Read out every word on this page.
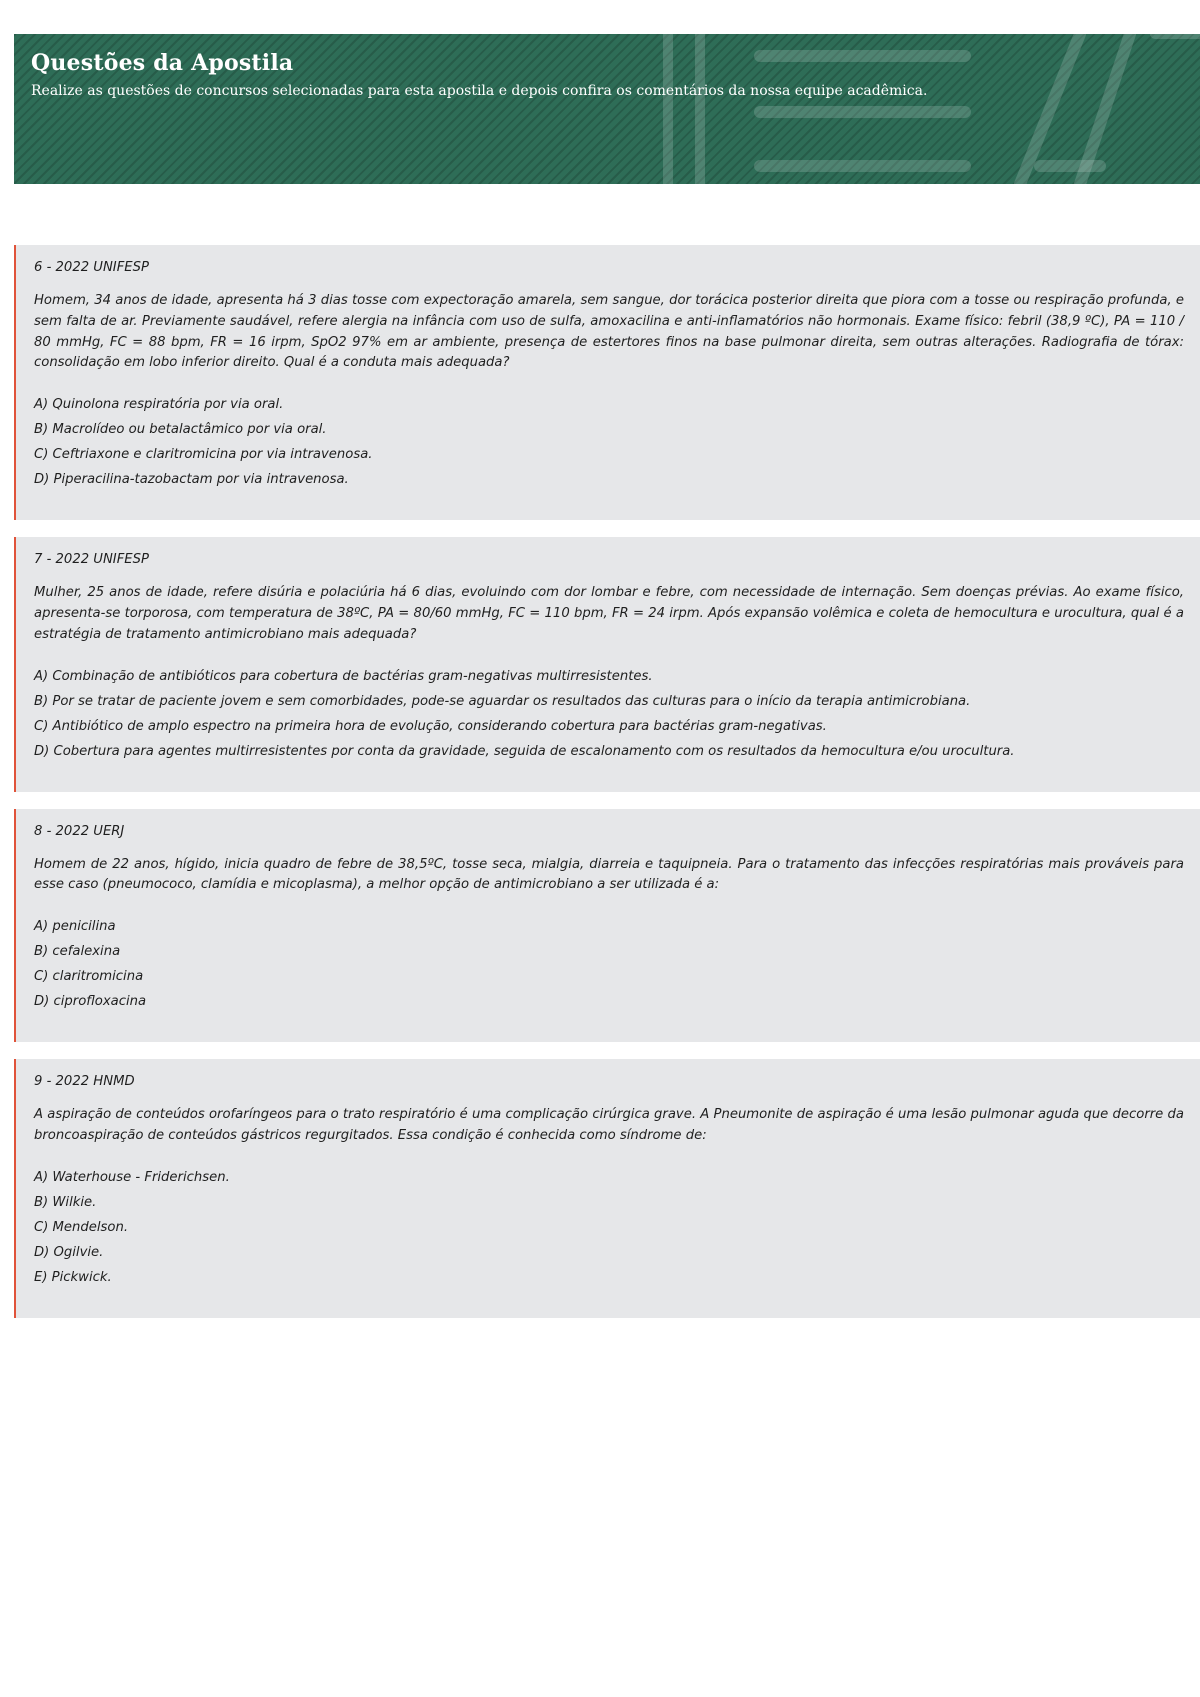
Questões da Apostila
Realize as questões de concursos selecionadas para esta apostila e depois confira os comentários da nossa equipe acadêmica.
6 - 2022 UNIFESP

Homem, 34 anos de idade, apresenta há 3 dias tosse com expectoração amarela, sem sangue, dor torácica posterior direita que piora com a tosse ou respiração profunda, e sem falta de ar. Previamente saudável, refere alergia na infância com uso de sulfa, amoxacilina e anti-inflamatórios não hormonais. Exame físico: febril (38,9 ºC), PA = 110 / 80 mmHg, FC = 88 bpm, FR = 16 irpm, SpO2 97% em ar ambiente, presença de estertores finos na base pulmonar direita, sem outras alterações. Radiografia de tórax: consolidação em lobo inferior direito. Qual é a conduta mais adequada?

A) Quinolona respiratória por via oral.
B) Macrolídeo ou betalactâmico por via oral.
C) Ceftriaxone e claritromicina por via intravenosa.
D) Piperacilina-tazobactam por via intravenosa.
7 - 2022 UNIFESP

Mulher, 25 anos de idade, refere disúria e polaciúria há 6 dias, evoluindo com dor lombar e febre, com necessidade de internação. Sem doenças prévias. Ao exame físico, apresenta-se torporosa, com temperatura de 38ºC, PA = 80/60 mmHg, FC = 110 bpm, FR = 24 irpm. Após expansão volêmica e coleta de hemocultura e urocultura, qual é a estratégia de tratamento antimicrobiano mais adequada?

A) Combinação de antibióticos para cobertura de bactérias gram-negativas multirresistentes.
B) Por se tratar de paciente jovem e sem comorbidades, pode-se aguardar os resultados das culturas para o início da terapia antimicrobiana.
C) Antibiótico de amplo espectro na primeira hora de evolução, considerando cobertura para bactérias gram-negativas.
D) Cobertura para agentes multirresistentes por conta da gravidade, seguida de escalonamento com os resultados da hemocultura e/ou urocultura.
8 - 2022 UERJ

Homem de 22 anos, hígido, inicia quadro de febre de 38,5ºC, tosse seca, mialgia, diarreia e taquipneia. Para o tratamento das infecções respiratórias mais prováveis para esse caso (pneumococo, clamídia e micoplasma), a melhor opção de antimicrobiano a ser utilizada é a:

A) penicilina
B) cefalexina
C) claritromicina
D) ciprofloxacina
9 - 2022 HNMD

A aspiração de conteúdos orofaríngeos para o trato respiratório é uma complicação cirúrgica grave. A Pneumonite de aspiração é uma lesão pulmonar aguda que decorre da broncoaspiração de conteúdos gástricos regurgitados. Essa condição é conhecida como síndrome de:

A) Waterhouse - Friderichsen.
B) Wilkie.
C) Mendelson.
D) Ogilvie.
E) Pickwick.
